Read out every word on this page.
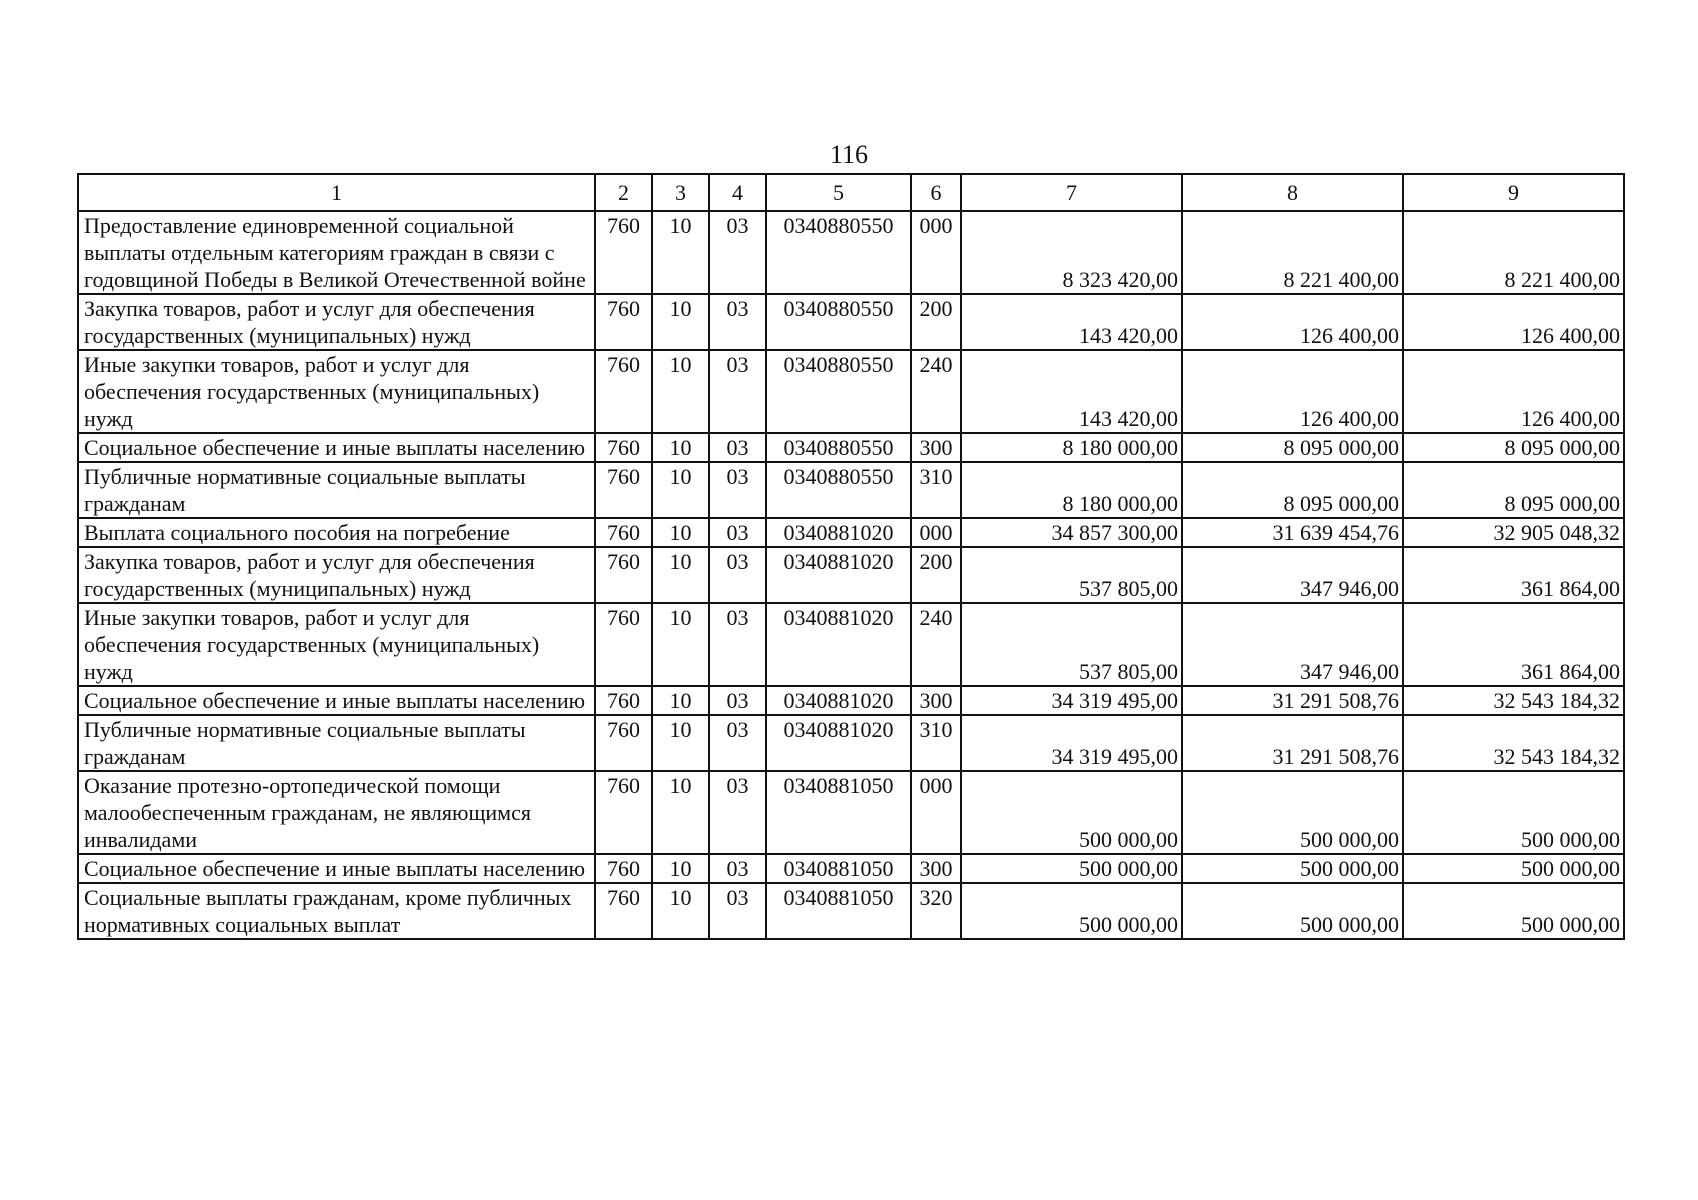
116
1	2	3	4	5	6	7	8	9
Предоставление единовременной социальной выплаты отдельным категориям граждан в связи с годовщиной Победы в Великой Отечественной войне	760	10	03	0340880550	000	8 323 420,00	8 221 400,00	8 221 400,00
Закупка товаров, работ и услуг для обеспечения государственных (муниципальных) нужд	760	10	03	0340880550	200	143 420,00	126 400,00	126 400,00
Иные закупки товаров, работ и услуг для обеспечения государственных (муниципальных) нужд	760	10	03	0340880550	240	143 420,00	126 400,00	126 400,00
Социальное обеспечение и иные выплаты населению	760	10	03	0340880550	300	8 180 000,00	8 095 000,00	8 095 000,00
Публичные нормативные социальные выплаты гражданам	760	10	03	0340880550	310	8 180 000,00	8 095 000,00	8 095 000,00
Выплата социального пособия на погребение	760	10	03	0340881020	000	34 857 300,00	31 639 454,76	32 905 048,32
Закупка товаров, работ и услуг для обеспечения государственных (муниципальных) нужд	760	10	03	0340881020	200	537 805,00	347 946,00	361 864,00
Иные закупки товаров, работ и услуг для обеспечения государственных (муниципальных) нужд	760	10	03	0340881020	240	537 805,00	347 946,00	361 864,00
Социальное обеспечение и иные выплаты населению	760	10	03	0340881020	300	34 319 495,00	31 291 508,76	32 543 184,32
Публичные нормативные социальные выплаты гражданам	760	10	03	0340881020	310	34 319 495,00	31 291 508,76	32 543 184,32
Оказание протезно-ортопедической помощи малообеспеченным гражданам, не являющимся инвалидами	760	10	03	0340881050	000	500 000,00	500 000,00	500 000,00
Социальное обеспечение и иные выплаты населению	760	10	03	0340881050	300	500 000,00	500 000,00	500 000,00
Социальные выплаты гражданам, кроме публичных нормативных социальных выплат	760	10	03	0340881050	320	500 000,00	500 000,00	500 000,00
